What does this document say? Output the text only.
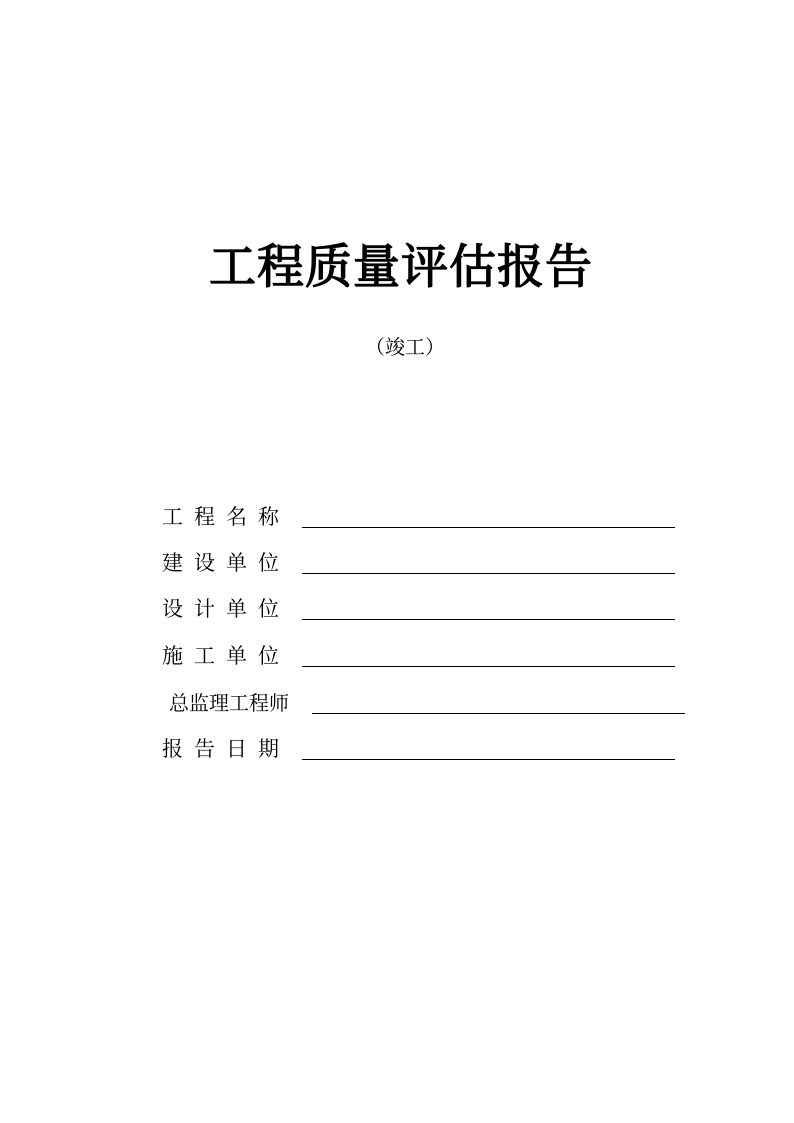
工程质量评估报告
（竣工）
工程名称
建设单位
设计单位
施工单位
总监理工程师
报告日期
